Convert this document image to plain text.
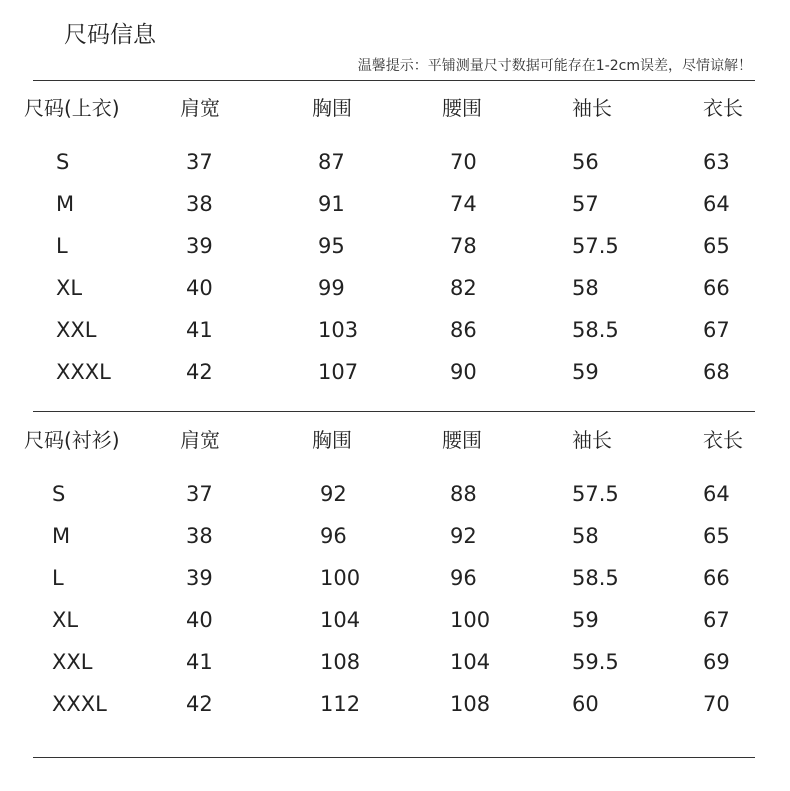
尺码信息
温馨提示：平铺测量尺寸数据可能存在1-2cm误差，尽情谅解！
尺码(上衣)	肩宽	胸围	腰围	袖长	衣长
S	37	87	70	56	63
M	38	91	74	57	64
L	39	95	78	57.5	65
XL	40	99	82	58	66
XXL	41	103	86	58.5	67
XXXL	42	107	90	59	68
尺码(衬衫)	肩宽	胸围	腰围	袖长	衣长
S	37	92	88	57.5	64
M	38	96	92	58	65
L	39	100	96	58.5	66
XL	40	104	100	59	67
XXL	41	108	104	59.5	69
XXXL	42	112	108	60	70
